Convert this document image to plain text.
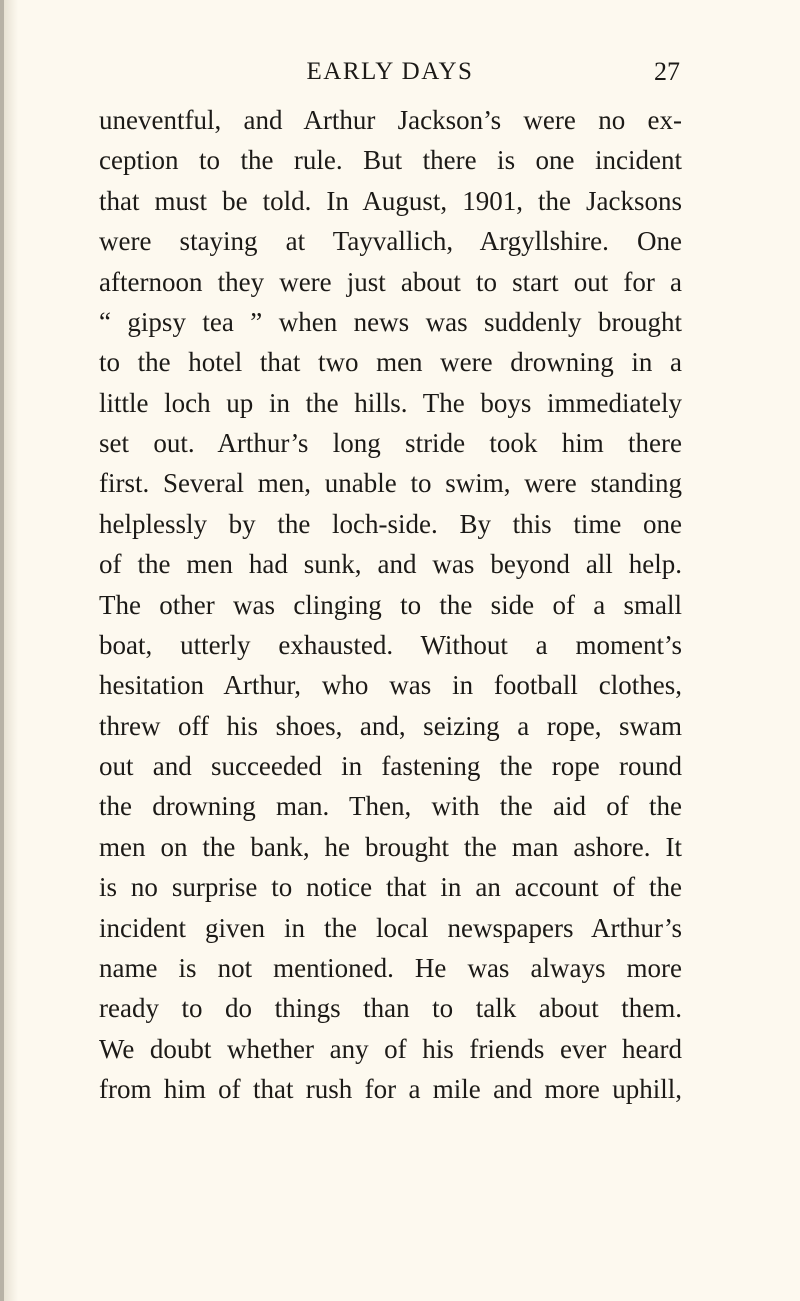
EARLY DAYS	27
uneventful, and Arthur Jackson’s were no ex-
ception to the rule. But there is one incident
that must be told. In August, 1901, the Jacksons
were staying at Tayvallich, Argyllshire. One
afternoon they were just about to start out for a
“ gipsy tea ” when news was suddenly brought
to the hotel that two men were drowning in a
little loch up in the hills. The boys immediately
set out. Arthur’s long stride took him there
first. Several men, unable to swim, were standing
helplessly by the loch-side. By this time one
of the men had sunk, and was beyond all help.
The other was clinging to the side of a small
boat, utterly exhausted. Without a moment’s
hesitation Arthur, who was in football clothes,
threw off his shoes, and, seizing a rope, swam
out and succeeded in fastening the rope round
the drowning man. Then, with the aid of the
men on the bank, he brought the man ashore. It
is no surprise to notice that in an account of the
incident given in the local newspapers Arthur’s
name is not mentioned. He was always more
ready to do things than to talk about them.
We doubt whether any of his friends ever heard
from him of that rush for a mile and more uphill,
